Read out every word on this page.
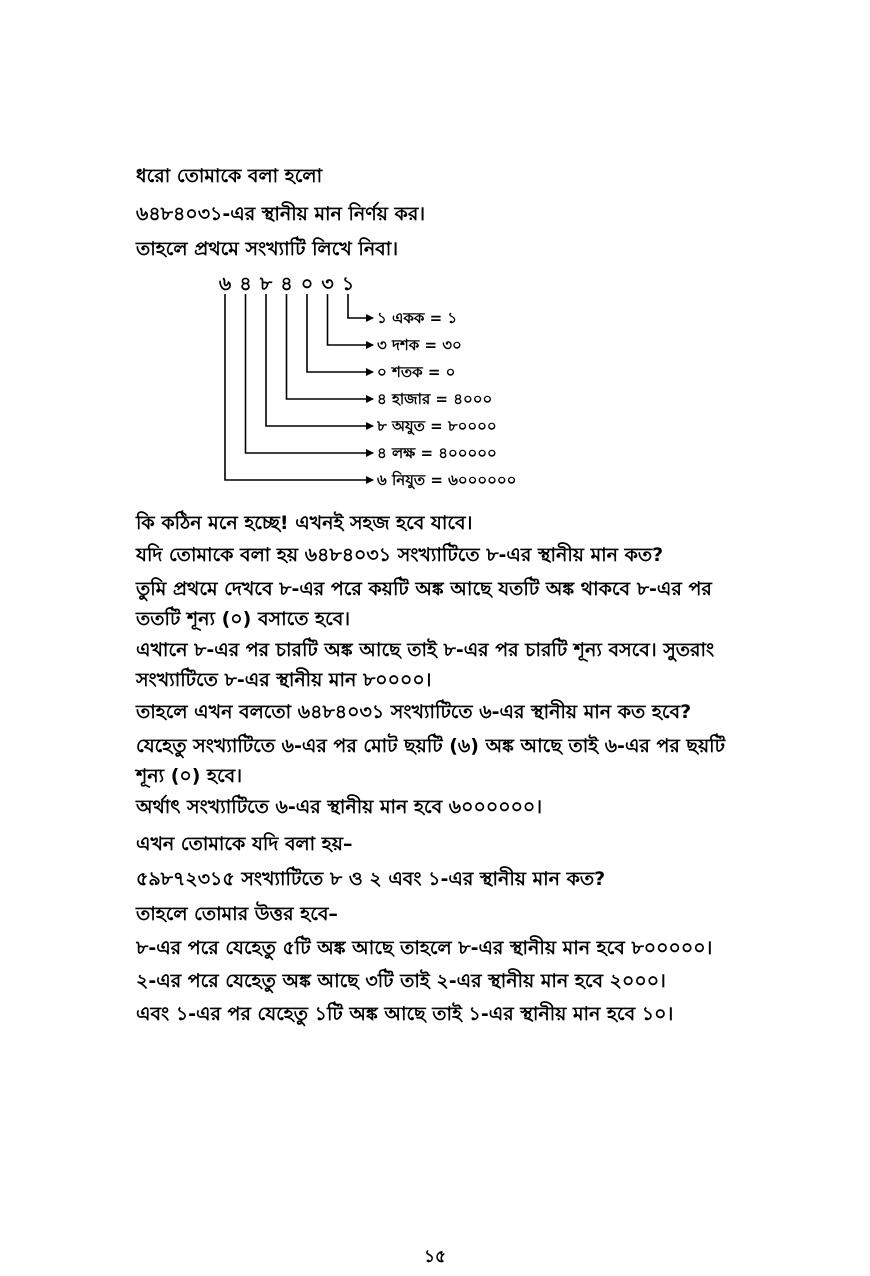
ধরো তোমাকে বলা হলো
৬৪৮৪০৩১-এর স্থানীয় মান নির্ণয় কর।
তাহলে প্রথমে সংখ্যাটি লিখে নিবা।
৬ ৪ ৮ ৪ ০ ৩ ১
১ একক = ১
৩ দশক = ৩০
০ শতক = ০
৪ হাজার = ৪০০০
৮ অযুত = ৮০০০০
৪ লক্ষ = ৪০০০০০
৬ নিযুত = ৬০০০০০০
কি কঠিন মনে হচ্ছে! এখনই সহজ হবে যাবে।
যদি তোমাকে বলা হয় ৬৪৮৪০৩১ সংখ্যাটিতে ৮-এর স্থানীয় মান কত?
তুমি প্রথমে দেখবে ৮-এর পরে কয়টি অঙ্ক আছে যতটি অঙ্ক থাকবে ৮-এর পর ততটি শূন্য (০) বসাতে হবে।
এখানে ৮-এর পর চারটি অঙ্ক আছে তাই ৮-এর পর চারটি শূন্য বসবে। সুতরাং সংখ্যাটিতে ৮-এর স্থানীয় মান ৮০০০০।
তাহলে এখন বলতো ৬৪৮৪০৩১ সংখ্যাটিতে ৬-এর স্থানীয় মান কত হবে?
যেহেতু সংখ্যাটিতে ৬-এর পর মোট ছয়টি (৬) অঙ্ক আছে তাই ৬-এর পর ছয়টি শূন্য (০) হবে।
অর্থাৎ সংখ্যাটিতে ৬-এর স্থানীয় মান হবে ৬০০০০০০।
এখন তোমাকে যদি বলা হয়–
৫৯৮৭২৩১৫ সংখ্যাটিতে ৮ ও ২ এবং ১-এর স্থানীয় মান কত?
তাহলে তোমার উত্তর হবে–
৮-এর পরে যেহেতু ৫টি অঙ্ক আছে তাহলে ৮-এর স্থানীয় মান হবে ৮০০০০০।
২-এর পরে যেহেতু অঙ্ক আছে ৩টি তাই ২-এর স্থানীয় মান হবে ২০০০।
এবং ১-এর পর যেহেতু ১টি অঙ্ক আছে তাই ১-এর স্থানীয় মান হবে ১০।
১৫
